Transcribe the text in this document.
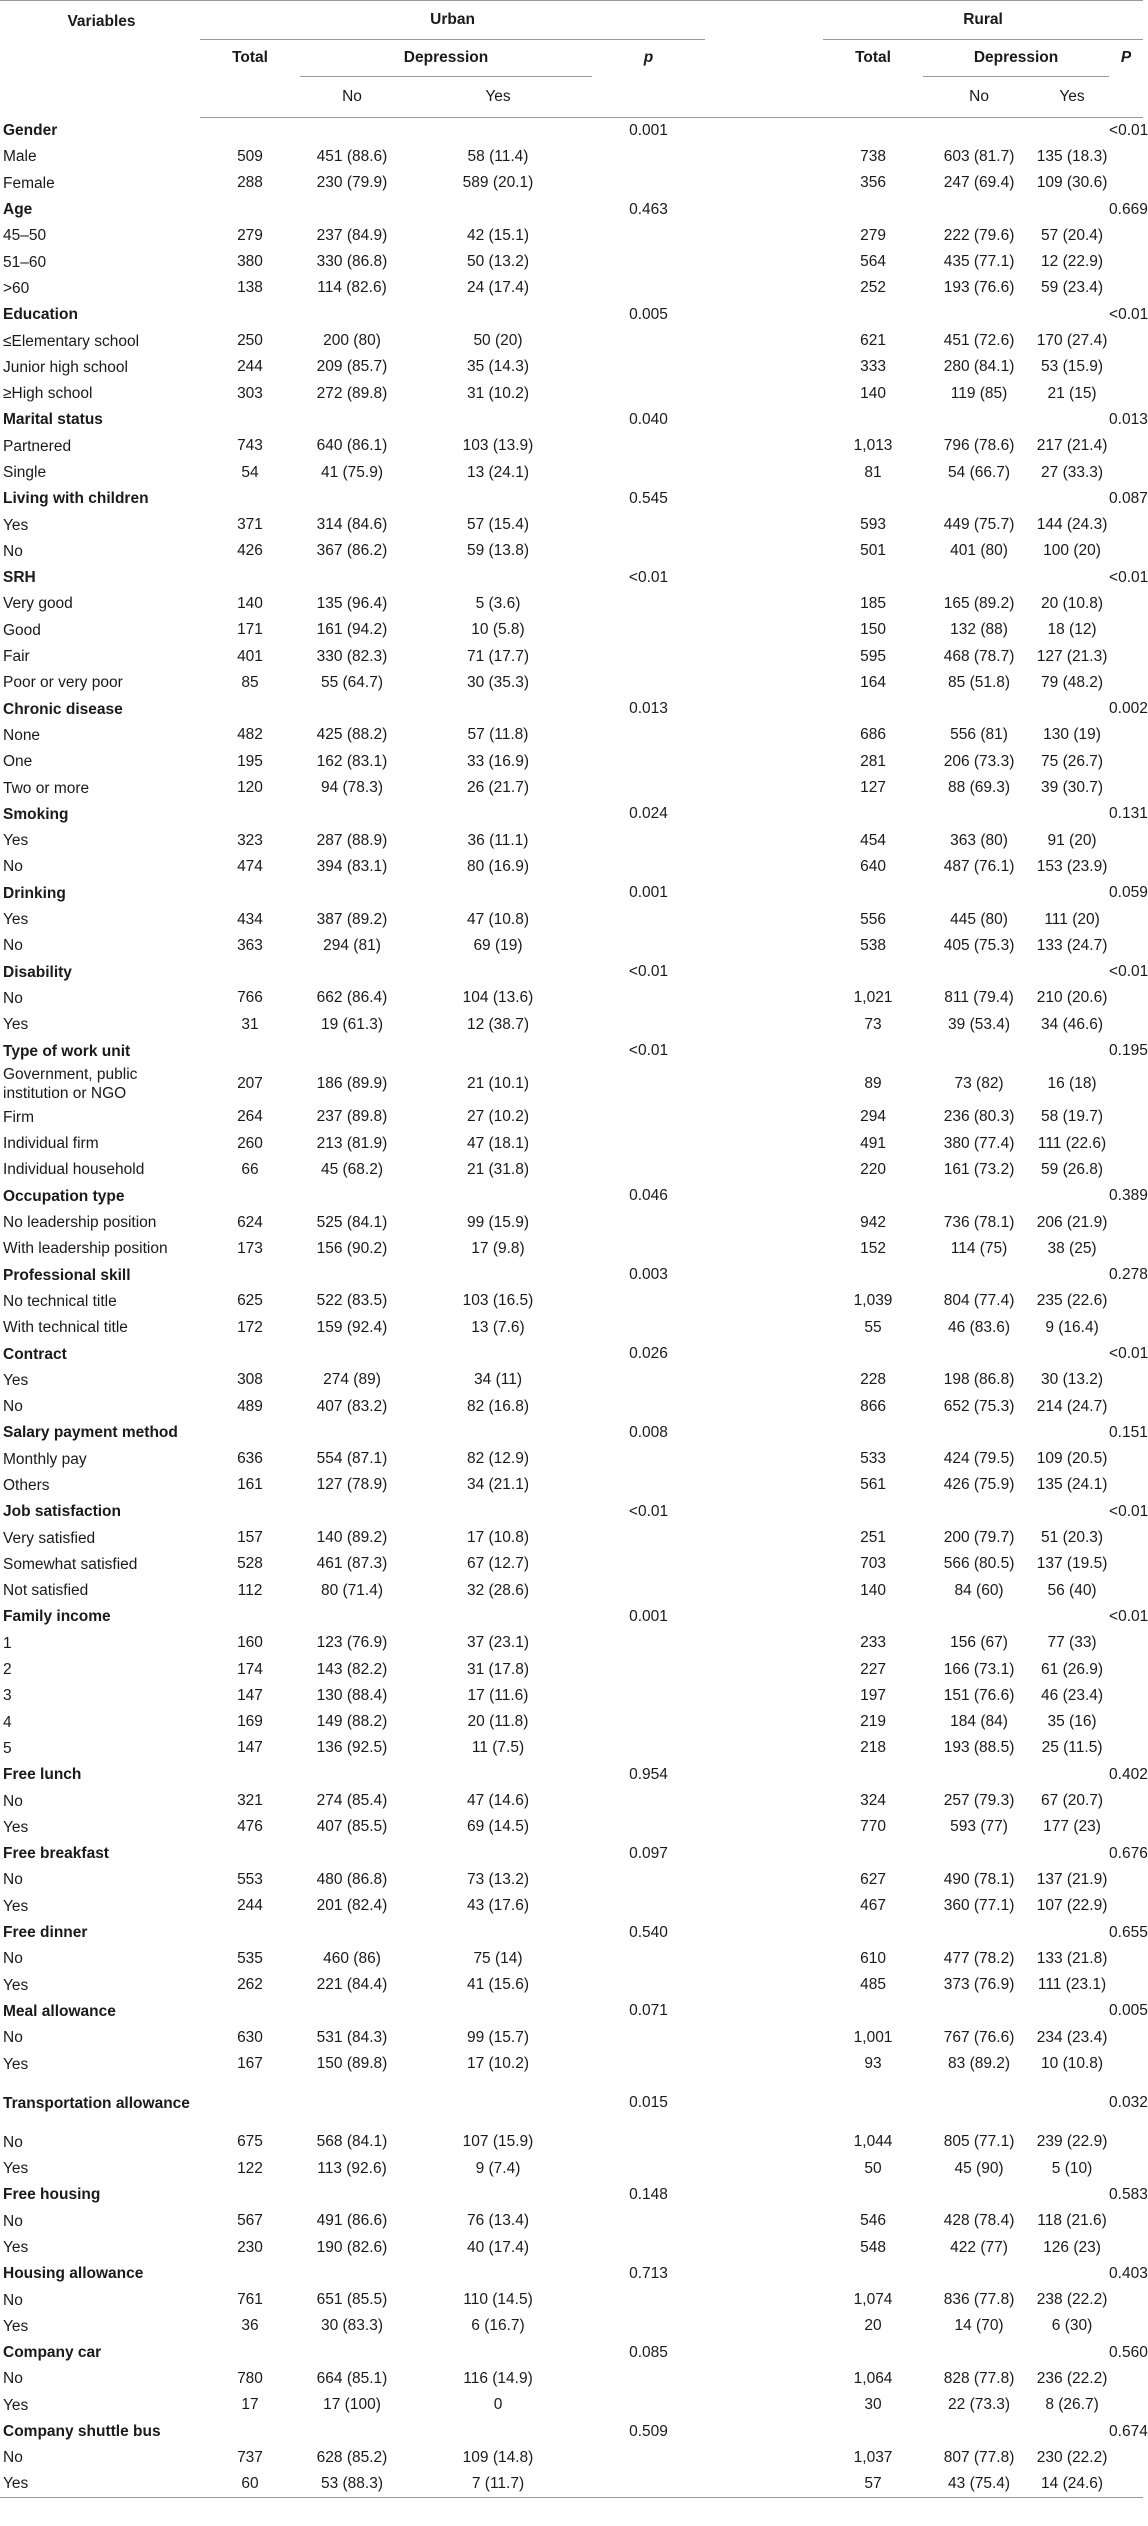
Variables	Urban					Rural			
	Total	Depression		p		Total	Depression		P
		No	Yes				No	Yes	
Gender				0.001					<0.01
Male	509	451 (88.6)	58 (11.4)			738	603 (81.7)	135 (18.3)	
Female	288	230 (79.9)	589 (20.1)			356	247 (69.4)	109 (30.6)	
Age				0.463					0.669
45–50	279	237 (84.9)	42 (15.1)			279	222 (79.6)	57 (20.4)	
51–60	380	330 (86.8)	50 (13.2)			564	435 (77.1)	12 (22.9)	
>60	138	114 (82.6)	24 (17.4)			252	193 (76.6)	59 (23.4)	
Education				0.005					<0.01
≤Elementary school	250	200 (80)	50 (20)			621	451 (72.6)	170 (27.4)	
Junior high school	244	209 (85.7)	35 (14.3)			333	280 (84.1)	53 (15.9)	
≥High school	303	272 (89.8)	31 (10.2)			140	119 (85)	21 (15)	
Marital status				0.040					0.013
Partnered	743	640 (86.1)	103 (13.9)			1,013	796 (78.6)	217 (21.4)	
Single	54	41 (75.9)	13 (24.1)			81	54 (66.7)	27 (33.3)	
Living with children				0.545					0.087
Yes	371	314 (84.6)	57 (15.4)			593	449 (75.7)	144 (24.3)	
No	426	367 (86.2)	59 (13.8)			501	401 (80)	100 (20)	
SRH				<0.01					<0.01
Very good	140	135 (96.4)	5 (3.6)			185	165 (89.2)	20 (10.8)	
Good	171	161 (94.2)	10 (5.8)			150	132 (88)	18 (12)	
Fair	401	330 (82.3)	71 (17.7)			595	468 (78.7)	127 (21.3)	
Poor or very poor	85	55 (64.7)	30 (35.3)			164	85 (51.8)	79 (48.2)	
Chronic disease				0.013					0.002
None	482	425 (88.2)	57 (11.8)			686	556 (81)	130 (19)	
One	195	162 (83.1)	33 (16.9)			281	206 (73.3)	75 (26.7)	
Two or more	120	94 (78.3)	26 (21.7)			127	88 (69.3)	39 (30.7)	
Smoking				0.024					0.131
Yes	323	287 (88.9)	36 (11.1)			454	363 (80)	91 (20)	
No	474	394 (83.1)	80 (16.9)			640	487 (76.1)	153 (23.9)	
Drinking				0.001					0.059
Yes	434	387 (89.2)	47 (10.8)			556	445 (80)	111 (20)	
No	363	294 (81)	69 (19)			538	405 (75.3)	133 (24.7)	
Disability				<0.01					<0.01
No	766	662 (86.4)	104 (13.6)			1,021	811 (79.4)	210 (20.6)	
Yes	31	19 (61.3)	12 (38.7)			73	39 (53.4)	34 (46.6)	
Type of work unit				<0.01					0.195
Government, public institution or NGO	207	186 (89.9)	21 (10.1)			89	73 (82)	16 (18)	
Firm	264	237 (89.8)	27 (10.2)			294	236 (80.3)	58 (19.7)	
Individual firm	260	213 (81.9)	47 (18.1)			491	380 (77.4)	111 (22.6)	
Individual household	66	45 (68.2)	21 (31.8)			220	161 (73.2)	59 (26.8)	
Occupation type				0.046					0.389
No leadership position	624	525 (84.1)	99 (15.9)			942	736 (78.1)	206 (21.9)	
With leadership position	173	156 (90.2)	17 (9.8)			152	114 (75)	38 (25)	
Professional skill				0.003					0.278
No technical title	625	522 (83.5)	103 (16.5)			1,039	804 (77.4)	235 (22.6)	
With technical title	172	159 (92.4)	13 (7.6)			55	46 (83.6)	9 (16.4)	
Contract				0.026					<0.01
Yes	308	274 (89)	34 (11)			228	198 (86.8)	30 (13.2)	
No	489	407 (83.2)	82 (16.8)			866	652 (75.3)	214 (24.7)	
Salary payment method				0.008					0.151
Monthly pay	636	554 (87.1)	82 (12.9)			533	424 (79.5)	109 (20.5)	
Others	161	127 (78.9)	34 (21.1)			561	426 (75.9)	135 (24.1)	
Job satisfaction				<0.01					<0.01
Very satisfied	157	140 (89.2)	17 (10.8)			251	200 (79.7)	51 (20.3)	
Somewhat satisfied	528	461 (87.3)	67 (12.7)			703	566 (80.5)	137 (19.5)	
Not satisfied	112	80 (71.4)	32 (28.6)			140	84 (60)	56 (40)	
Family income				0.001					<0.01
1	160	123 (76.9)	37 (23.1)			233	156 (67)	77 (33)	
2	174	143 (82.2)	31 (17.8)			227	166 (73.1)	61 (26.9)	
3	147	130 (88.4)	17 (11.6)			197	151 (76.6)	46 (23.4)	
4	169	149 (88.2)	20 (11.8)			219	184 (84)	35 (16)	
5	147	136 (92.5)	11 (7.5)			218	193 (88.5)	25 (11.5)	
Free lunch				0.954					0.402
No	321	274 (85.4)	47 (14.6)			324	257 (79.3)	67 (20.7)	
Yes	476	407 (85.5)	69 (14.5)			770	593 (77)	177 (23)	
Free breakfast				0.097					0.676
No	553	480 (86.8)	73 (13.2)			627	490 (78.1)	137 (21.9)	
Yes	244	201 (82.4)	43 (17.6)			467	360 (77.1)	107 (22.9)	
Free dinner				0.540					0.655
No	535	460 (86)	75 (14)			610	477 (78.2)	133 (21.8)	
Yes	262	221 (84.4)	41 (15.6)			485	373 (76.9)	111 (23.1)	
Meal allowance				0.071					0.005
No	630	531 (84.3)	99 (15.7)			1,001	767 (76.6)	234 (23.4)	
Yes	167	150 (89.8)	17 (10.2)			93	83 (89.2)	10 (10.8)	
Transportation allowance				0.015					0.032
No	675	568 (84.1)	107 (15.9)			1,044	805 (77.1)	239 (22.9)	
Yes	122	113 (92.6)	9 (7.4)			50	45 (90)	5 (10)	
Free housing				0.148					0.583
No	567	491 (86.6)	76 (13.4)			546	428 (78.4)	118 (21.6)	
Yes	230	190 (82.6)	40 (17.4)			548	422 (77)	126 (23)	
Housing allowance				0.713					0.403
No	761	651 (85.5)	110 (14.5)			1,074	836 (77.8)	238 (22.2)	
Yes	36	30 (83.3)	6 (16.7)			20	14 (70)	6 (30)	
Company car				0.085					0.560
No	780	664 (85.1)	116 (14.9)			1,064	828 (77.8)	236 (22.2)	
Yes	17	17 (100)	0			30	22 (73.3)	8 (26.7)	
Company shuttle bus				0.509					0.674
No	737	628 (85.2)	109 (14.8)			1,037	807 (77.8)	230 (22.2)	
Yes	60	53 (88.3)	7 (11.7)			57	43 (75.4)	14 (24.6)	
